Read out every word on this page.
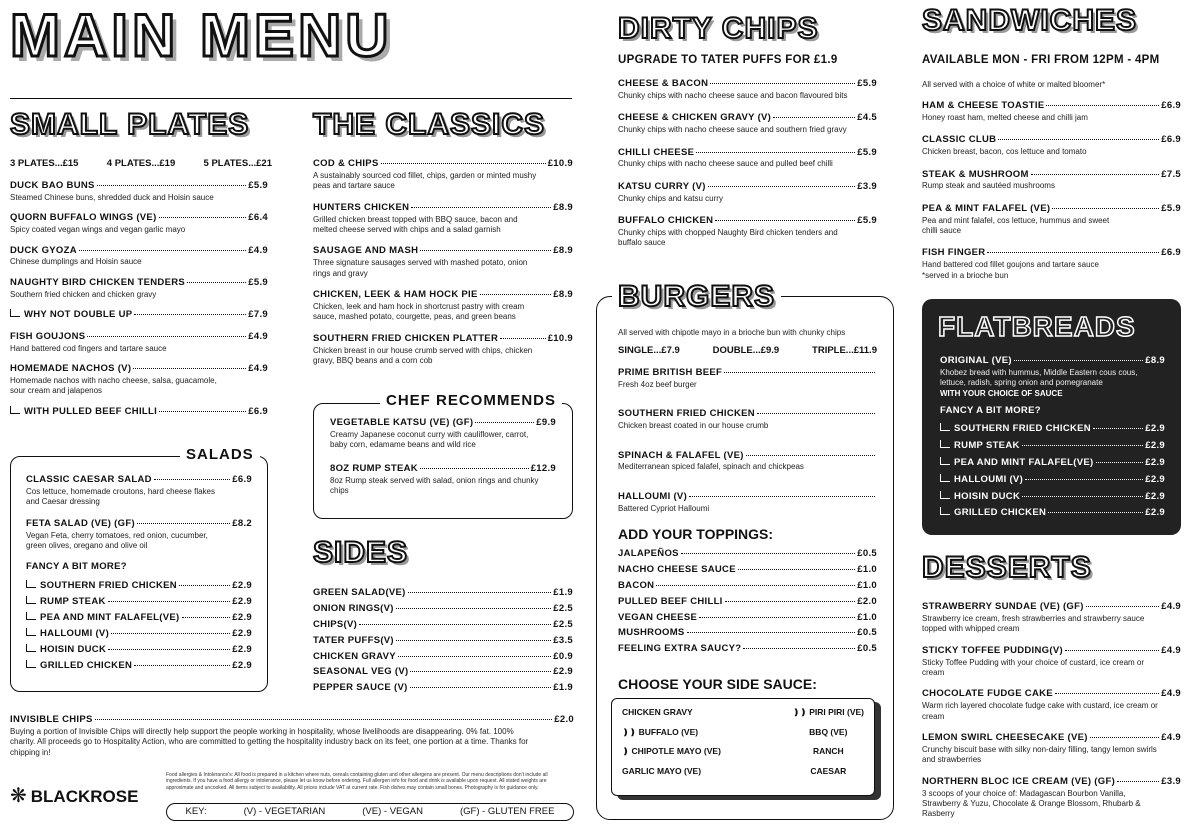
MAIN MENU
SMALL PLATES
3 PLATES...£15	4 PLATES...£19	5 PLATES...£21
DUCK BAO BUNS	£5.9
Steamed Chinese buns, shredded duck and Hoisin sauce
QUORN BUFFALO WINGS (VE)	£6.4
Spicy coated vegan wings and vegan garlic mayo
DUCK GYOZA	£4.9
Chinese dumplings and Hoisin sauce
NAUGHTY BIRD CHICKEN TENDERS	£5.9
Southern fried chicken and chicken gravy
WHY NOT DOUBLE UP	£7.9
FISH GOUJONS	£4.9
Hand battered cod fingers and tartare sauce
HOMEMADE NACHOS (V)	£4.9
Homemade nachos with nacho cheese, salsa, guacamole, sour cream and jalapenos
WITH PULLED BEEF CHILLI	£6.9
SALADS
CLASSIC CAESAR SALAD	£6.9
Cos lettuce, homemade croutons, hard cheese flakes and Caesar dressing
FETA SALAD (VE) (GF)	£8.2
Vegan Feta, cherry tomatoes, red onion, cucumber, green olives, oregano and olive oil
FANCY A BIT MORE?
SOUTHERN FRIED CHICKEN	£2.9
RUMP STEAK	£2.9
PEA AND MINT FALAFEL(VE)	£2.9
HALLOUMI (V)	£2.9
HOISIN DUCK	£2.9
GRILLED CHICKEN	£2.9
INVISIBLE CHIPS	£2.0
Buying a portion of Invisible Chips will directly help support the people working in hospitality, whose livelihoods are disappearing. 0% fat. 100% charity. All proceeds go to Hospitality Action, who are committed to getting the hospitality industry back on its feet, one portion at a time. Thanks for chipping in!
❋ BLACKROSE
Food allergies & Intolerance's: All food is prepared in a kitchen where nuts, cereals containing gluten and other allergens are present. Our menu descriptions don't include all ingredients. If you have a food allergy or intolerance, please let us know before ordering. Full allergen info for food and drink is available upon request. All stated weights are approximate and uncooked. All items subject to availability. All prices include VAT at current rate. Fish dishes may contain small bones. Photography is for guidance only.
KEY:	(V) - VEGETARIAN	(VE) - VEGAN	(GF) - GLUTEN FREE
THE CLASSICS
COD & CHIPS	£10.9
A sustainably sourced cod fillet, chips, garden or minted mushy peas and tartare sauce
HUNTERS CHICKEN	£8.9
Grilled chicken breast topped with BBQ sauce, bacon and melted cheese served with chips and a salad garnish
SAUSAGE AND MASH	£8.9
Three signature sausages served with mashed potato, onion rings and gravy
CHICKEN, LEEK & HAM HOCK PIE	£8.9
Chicken, leek and ham hock in shortcrust pastry with cream sauce, mashed potato, courgette, peas, and green beans
SOUTHERN FRIED CHICKEN PLATTER	£10.9
Chicken breast in our house crumb served with chips, chicken gravy, BBQ beans and a corn cob
CHEF RECOMMENDS
VEGETABLE KATSU (VE) (GF)	£9.9
Creamy Japanese coconut curry with cauliflower, carrot, baby corn, edamame beans and wild rice
8OZ RUMP STEAK	£12.9
8oz Rump steak served with salad, onion rings and chunky chips
SIDES
GREEN SALAD(VE)	£1.9
ONION RINGS(V)	£2.5
CHIPS(V)	£2.5
TATER PUFFS(V)	£3.5
CHICKEN GRAVY	£0.9
SEASONAL VEG (V)	£2.9
PEPPER SAUCE (V)	£1.9
DIRTY CHIPS
UPGRADE TO TATER PUFFS FOR £1.9
CHEESE & BACON	£5.9
Chunky chips with nacho cheese sauce and bacon flavoured bits
CHEESE & CHICKEN GRAVY (V)	£4.5
Chunky chips with nacho cheese sauce and southern fried gravy
CHILLI CHEESE	£5.9
Chunky chips with nacho cheese sauce and pulled beef chilli
KATSU CURRY (V)	£3.9
Chunky chips and katsu curry
BUFFALO CHICKEN	£5.9
Chunky chips with chopped Naughty Bird chicken tenders and buffalo sauce
BURGERS
All served with chipotle mayo in a brioche bun with chunky chips
SINGLE...£7.9	DOUBLE...£9.9	TRIPLE...£11.9
PRIME BRITISH BEEF
Fresh 4oz beef burger
SOUTHERN FRIED CHICKEN
Chicken breast coated in our house crumb
SPINACH & FALAFEL (VE)
Mediterranean spiced falafel, spinach and chickpeas
HALLOUMI (V)
Battered Cypriot Halloumi
ADD YOUR TOPPINGS:
JALAPEÑOS	£0.5
NACHO CHEESE SAUCE	£1.0
BACON	£1.0
PULLED BEEF CHILLI	£2.0
VEGAN CHEESE	£1.0
MUSHROOMS	£0.5
FEELING EXTRA SAUCY?	£0.5
CHOOSE YOUR SIDE SAUCE:
CHICKEN GRAVY
❫❫ BUFFALO (VE)
❫ CHIPOTLE MAYO (VE)
GARLIC MAYO (VE)
❫❫ PIRI PIRI (VE)
BBQ (VE)
RANCH
CAESAR
SANDWICHES
AVAILABLE MON - FRI FROM 12PM - 4PM
All served with a choice of white or malted bloomer*
HAM & CHEESE TOASTIE	£6.9
Honey roast ham, melted cheese and chilli jam
CLASSIC CLUB	£6.9
Chicken breast, bacon, cos lettuce and tomato
STEAK & MUSHROOM	£7.5
Rump steak and sautéed mushrooms
PEA & MINT FALAFEL (VE)	£5.9
Pea and mint falafel, cos lettuce, hummus and sweet chilli sauce
FISH FINGER	£6.9
Hand battered cod fillet goujons and tartare sauce *served in a brioche bun
FLATBREADS
ORIGINAL (VE)	£8.9
Khobez bread with hummus, Middle Eastern cous cous, lettuce, radish, spring onion and pomegranate
WITH YOUR CHOICE OF SAUCE
FANCY A BIT MORE?
SOUTHERN FRIED CHICKEN	£2.9
RUMP STEAK	£2.9
PEA AND MINT FALAFEL(VE)	£2.9
HALLOUMI (V)	£2.9
HOISIN DUCK	£2.9
GRILLED CHICKEN	£2.9
DESSERTS
STRAWBERRY SUNDAE (VE) (GF)	£4.9
Strawberry ice cream, fresh strawberries and strawberry sauce topped with whipped cream
STICKY TOFFEE PUDDING(V)	£4.9
Sticky Toffee Pudding with your choice of custard, ice cream or cream
CHOCOLATE FUDGE CAKE	£4.9
Warm rich layered chocolate fudge cake with custard, ice cream or cream
LEMON SWIRL CHEESECAKE (VE)	£4.9
Crunchy biscuit base with silky non-dairy filling, tangy lemon swirls and strawberries
NORTHERN BLOC ICE CREAM (VE) (GF)	£3.9
3 scoops of your choice of: Madagascan Bourbon Vanilla, Strawberry & Yuzu, Chocolate & Orange Blossom, Rhubarb & Rasberry
